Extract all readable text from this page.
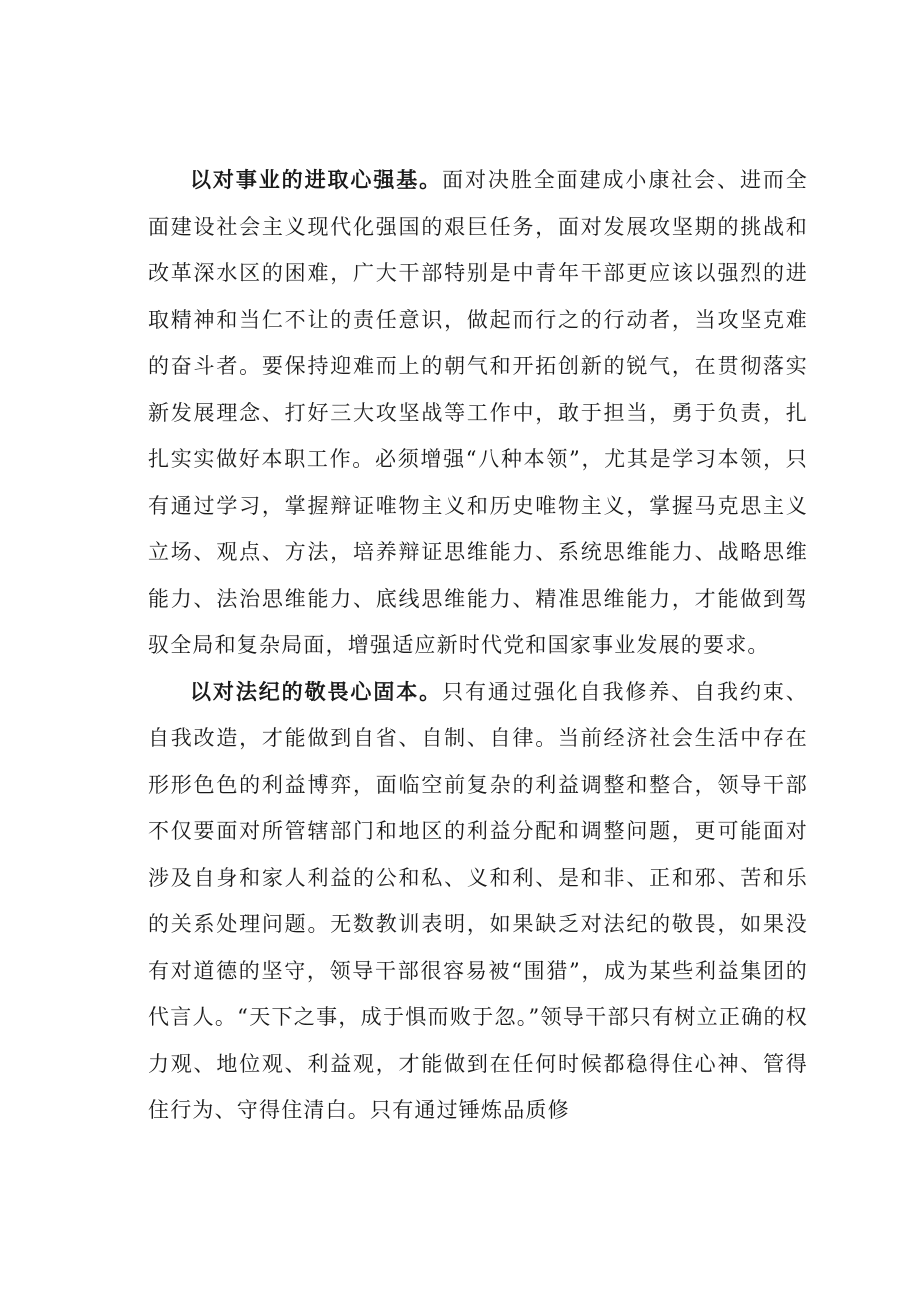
以对事业的进取心强基。面对决胜全面建成小康社会、进而全面建设社会主义现代化强国的艰巨任务，面对发展攻坚期的挑战和改革深水区的困难，广大干部特别是中青年干部更应该以强烈的进取精神和当仁不让的责任意识，做起而行之的行动者，当攻坚克难的奋斗者。要保持迎难而上的朝气和开拓创新的锐气，在贯彻落实新发展理念、打好三大攻坚战等工作中，敢于担当，勇于负责，扎扎实实做好本职工作。必须增强“八种本领”，尤其是学习本领，只有通过学习，掌握辩证唯物主义和历史唯物主义，掌握马克思主义立场、观点、方法，培养辩证思维能力、系统思维能力、战略思维能力、法治思维能力、底线思维能力、精准思维能力，才能做到驾驭全局和复杂局面，增强适应新时代党和国家事业发展的要求。

以对法纪的敬畏心固本。只有通过强化自我修养、自我约束、自我改造，才能做到自省、自制、自律。当前经济社会生活中存在形形色色的利益博弈，面临空前复杂的利益调整和整合，领导干部不仅要面对所管辖部门和地区的利益分配和调整问题，更可能面对涉及自身和家人利益的公和私、义和利、是和非、正和邪、苦和乐的关系处理问题。无数教训表明，如果缺乏对法纪的敬畏，如果没有对道德的坚守，领导干部很容易被“围猎”，成为某些利益集团的代言人。“天下之事，成于惧而败于忽。”领导干部只有树立正确的权力观、地位观、利益观，才能做到在任何时候都稳得住心神、管得住行为、守得住清白。只有通过锤炼品质修
